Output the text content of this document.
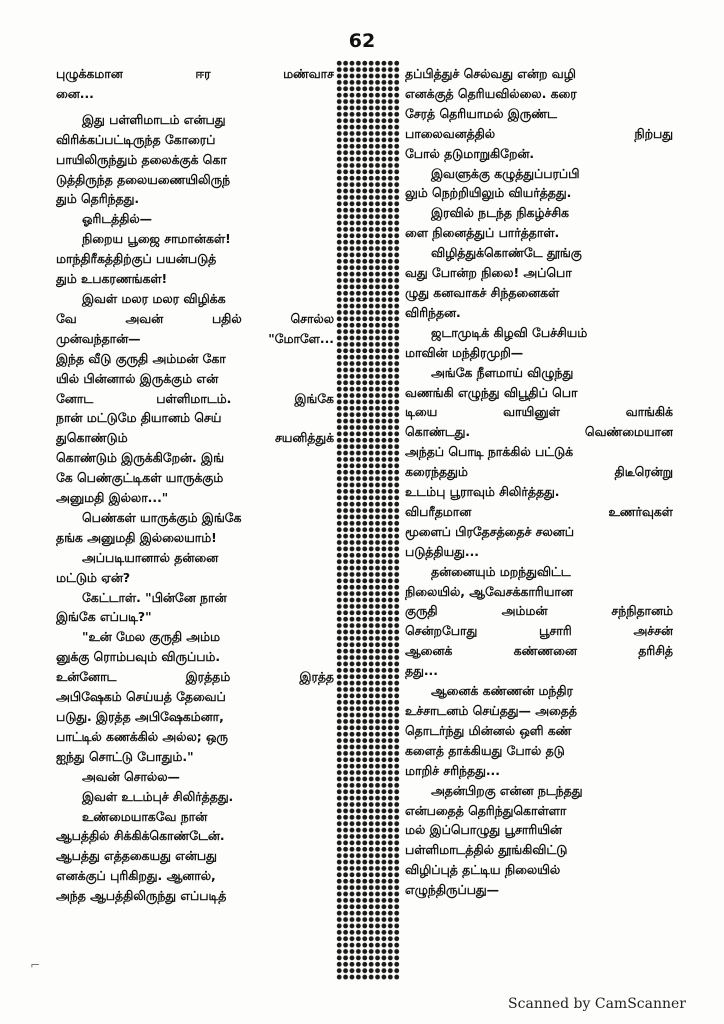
62
புழுக்கமான ஈர மண்வாச
னை...
இது பள்ளிமாடம் என்பது
விரிக்கப்பட்டிருந்த கோரைப்
பாயிலிருந்தும் தலைக்குக் கொ
டுத்திருந்த தலையணையிலிருந்
தும் தெரிந்தது.
ஓரிடத்தில்—
நிறைய பூஜை சாமான்கள்!
மாந்திரீகத்திற்குப் பயன்படுத்
தும் உபகரணங்கள்!
இவள் மலர மலர விழிக்க
வே அவன் பதில் சொல்ல
முன்வந்தான்— "மோளே...
இந்த வீடு குருதி அம்மன் கோ
யில் பின்னால் இருக்கும் என்
னோட பள்ளிமாடம். இங்கே
நான் மட்டுமே தியானம் செய்
துகொண்டும் சயனித்துக்
கொண்டும் இருக்கிறேன். இங்
கே பெண்குட்டிகள் யாருக்கும்
அனுமதி இல்லா..."
பெண்கள் யாருக்கும் இங்கே
தங்க அனுமதி இல்லையாம்!
அப்படியானால் தன்னை
மட்டும் ஏன்?
கேட்டாள். "பின்னே நான்
இங்கே எப்படி?"
"உன் மேல குருதி அம்ம
னுக்கு ரொம்பவும் விருப்பம்.
உன்னோட இரத்தம் இரத்த
அபிஷேகம் செய்யத் தேவைப்
படுது. இரத்த அபிஷேகம்னா,
பாட்டில் கணக்கில் அல்ல; ஒரு
ஐந்து சொட்டு போதும்."
அவன் சொல்ல—
இவள் உடம்புச் சிலிர்த்தது.
உண்மையாகவே நான்
ஆபத்தில் சிக்கிக்கொண்டேன்.
ஆபத்து எத்தகையது என்பது
எனக்குப் புரிகிறது. ஆனால்,
அந்த ஆபத்திலிருந்து எப்படித்
தப்பித்துச் செல்வது என்ற வழி
எனக்குத் தெரியவில்லை. கரை
சேரத் தெரியாமல் இருண்ட
பாலைவனத்தில் நிற்பது
போல் தடுமாறுகிறேன்.
இவளுக்கு கழுத்துப்பரப்பி
லும் நெற்றியிலும் வியர்த்தது.
இரவில் நடந்த நிகழ்ச்சிக
ளை நினைத்துப் பார்த்தாள்.
விழித்துக்கொண்டே தூங்கு
வது போன்ற நிலை! அப்பொ
ழுது கனவாகச் சிந்தனைகள்
விரிந்தன.
ஜடாமுடிக் கிழவி பேச்சியம்
மாவின் மந்திரமுறி—
அங்கே நீளமாய் விழுந்து
வணங்கி எழுந்து விபூதிப் பொ
டியை வாயினுள் வாங்கிக்
கொண்டது. வெண்மையான
அந்தப் பொடி நாக்கில் பட்டுக்
கரைந்ததும் திடீரென்று
உடம்பு பூராவும் சிலிர்த்தது.
விபரீதமான உணர்வுகள்
மூளைப் பிரதேசத்தைச் சலனப்
படுத்தியது...
தன்னையும் மறந்துவிட்ட
நிலையில், ஆவேசக்காரியான
குருதி அம்மன் சந்நிதானம்
சென்றபோது பூசாரி அச்சன்
ஆனைக் கண்ணனை தரிசித்
தது...
ஆனைக் கண்ணன் மந்திர
உச்சாடனம் செய்தது— அதைத்
தொடர்ந்து மின்னல் ஒளி கண்
களைத் தாக்கியது போல் தடு
மாறிச் சரிந்தது...
அதன்பிறகு என்ன நடந்தது
என்பதைத் தெரிந்துகொள்ளா
மல் இப்பொழுது பூசாரியின்
பள்ளிமாடத்தில் தூங்கிவிட்டு
விழிப்புத் தட்டிய நிலையில்
எழுந்திருப்பது—
⌐
Scanned by CamScanner
